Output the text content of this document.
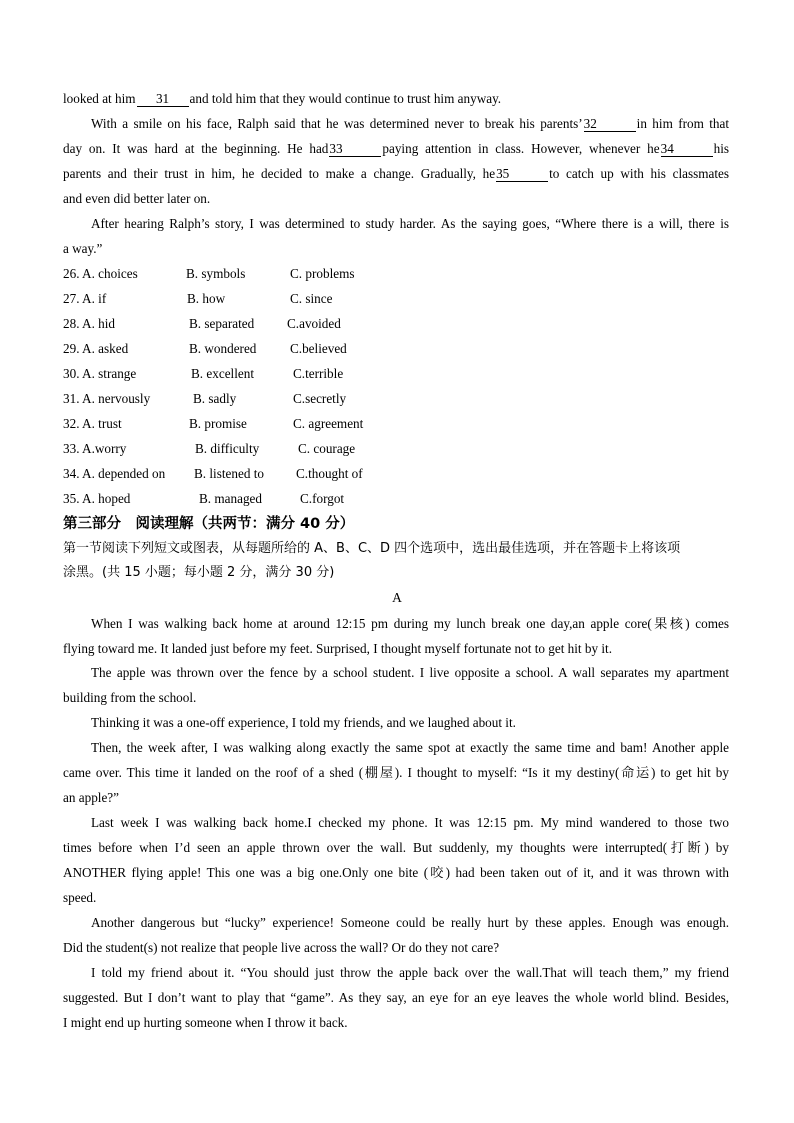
looked at him 31 and told him that they would continue to trust him anyway.
With a smile on his face, Ralph said that he was determined never to break his parents’32	in him from that
day on. It was hard at the beginning. He had33	paying attention in class. However, whenever he34	his
parents and their trust in him, he decided to make a change. Gradually, he35	to catch up with his classmates
and even did better later on.
After hearing Ralph’s story, I was determined to study harder. As the saying goes, “Where there is a will, there is
a way.”
26. A. choices	B. symbols	C. problems
27. A. if	B. how	C. since
28. A. hid	B. separated C.avoided
29. A. asked	B. wondered	C.believed
30. A. strange	B. excellent	C.terrible
31. A. nervously	B. sadly	C.secretly
32. A. trust	B. promise	C. agreement
33. A.worry	B. difficulty	C. courage
34. A. depended on B. listened to C.thought of
35. A. hoped	B. managed	C.forgot
第三部分　阅读理解（共两节：满分 40 分）
第一节阅读下列短文或图表，从每题所给的 A、B、C、D 四个选项中，选出最佳选项，并在答题卡上将该项
涂黑。(共 15 小题；每小题 2 分，满分 30 分)
A
When I was walking back home at around 12:15 pm during my lunch break one day,an apple core(果核) comes
flying toward me. It landed just before my feet. Surprised, I thought myself fortunate not to get hit by it.
The apple was thrown over the fence by a school student. I live opposite a school. A wall separates my apartment
building from the school.
Thinking it was a one-off experience, I told my friends, and we laughed about it.
Then, the week after, I was walking along exactly the same spot at exactly the same time and bam! Another apple
came over. This time it landed on the roof of a shed (棚屋). I thought to myself: “Is it my destiny(命运) to get hit by
an apple?”
Last week I was walking back home.I checked my phone. It was 12:15 pm. My mind wandered to those two
times before when I’d seen an apple thrown over the wall. But suddenly, my thoughts were interrupted(打断) by
ANOTHER flying apple! This one was a big one.Only one bite (咬) had been taken out of it, and it was thrown with
speed.
Another dangerous but “lucky” experience! Someone could be really hurt by these apples. Enough was enough.
Did the student(s) not realize that people live across the wall? Or do they not care?
I told my friend about it. “You should just throw the apple back over the wall.That will teach them,” my friend
suggested. But I don’t want to play that “game”. As they say, an eye for an eye leaves the whole world blind. Besides,
I might end up hurting someone when I throw it back.
